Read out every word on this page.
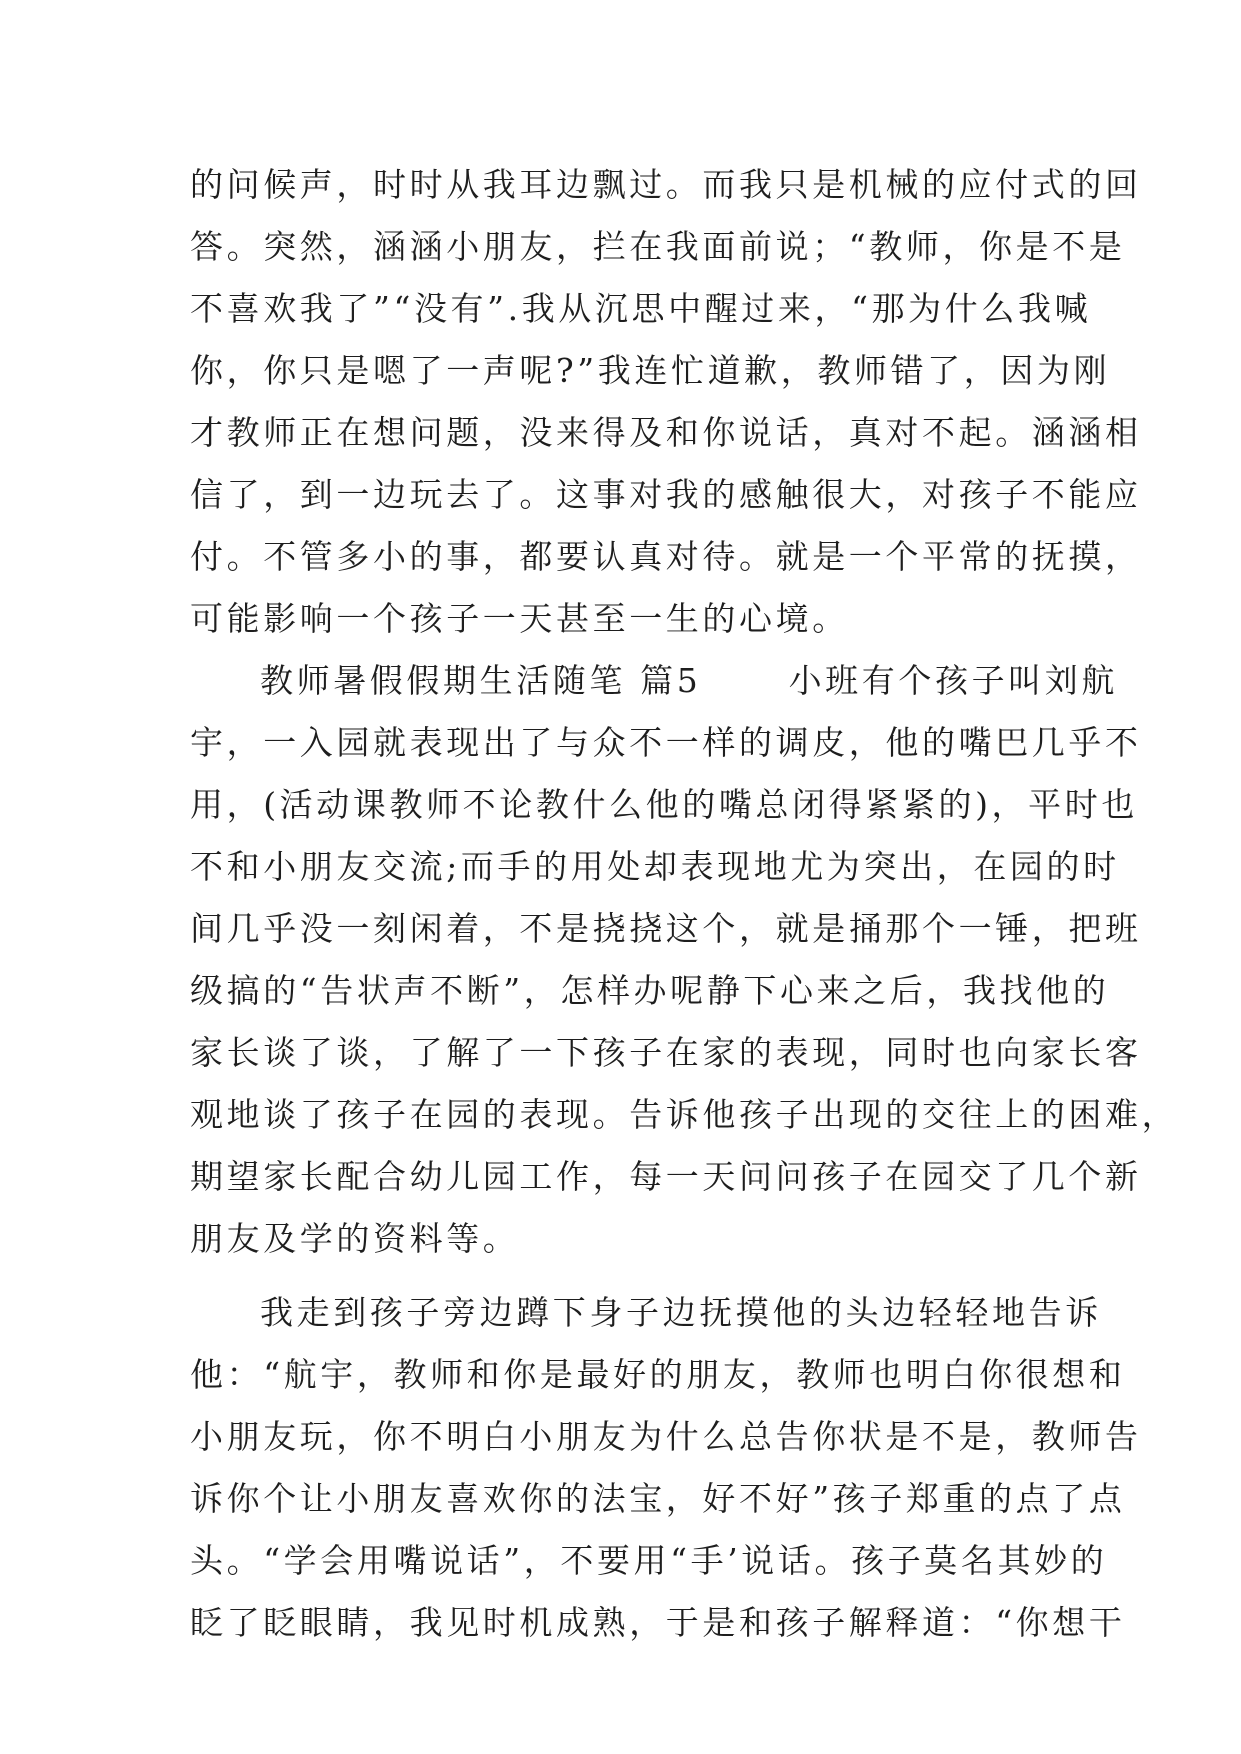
的问候声，时时从我耳边飘过。而我只是机械的应付式的回
答。突然，涵涵小朋友，拦在我面前说；“教师，你是不是
不喜欢我了”“没有”.我从沉思中醒过来，“那为什么我喊
你，你只是嗯了一声呢?”我连忙道歉，教师错了，因为刚
才教师正在想问题，没来得及和你说话，真对不起。涵涵相
信了，到一边玩去了。这事对我的感触很大，对孩子不能应
付。不管多小的事，都要认真对待。就是一个平常的抚摸，
可能影响一个孩子一天甚至一生的心境。
教师暑假假期生活随笔 篇5 　　小班有个孩子叫刘航
宇，一入园就表现出了与众不一样的调皮，他的嘴巴几乎不
用，(活动课教师不论教什么他的嘴总闭得紧紧的)，平时也
不和小朋友交流;而手的用处却表现地尤为突出，在园的时
间几乎没一刻闲着，不是挠挠这个，就是捅那个一锤，把班
级搞的“告状声不断”，怎样办呢静下心来之后，我找他的
家长谈了谈，了解了一下孩子在家的表现，同时也向家长客
观地谈了孩子在园的表现。告诉他孩子出现的交往上的困难，
期望家长配合幼儿园工作，每一天问问孩子在园交了几个新
朋友及学的资料等。
我走到孩子旁边蹲下身子边抚摸他的头边轻轻地告诉
他：“航宇，教师和你是最好的朋友，教师也明白你很想和
小朋友玩，你不明白小朋友为什么总告你状是不是，教师告
诉你个让小朋友喜欢你的法宝，好不好”孩子郑重的点了点
头。“学会用嘴说话”，不要用“手’说话。孩子莫名其妙的
眨了眨眼睛，我见时机成熟，于是和孩子解释道：“你想干
